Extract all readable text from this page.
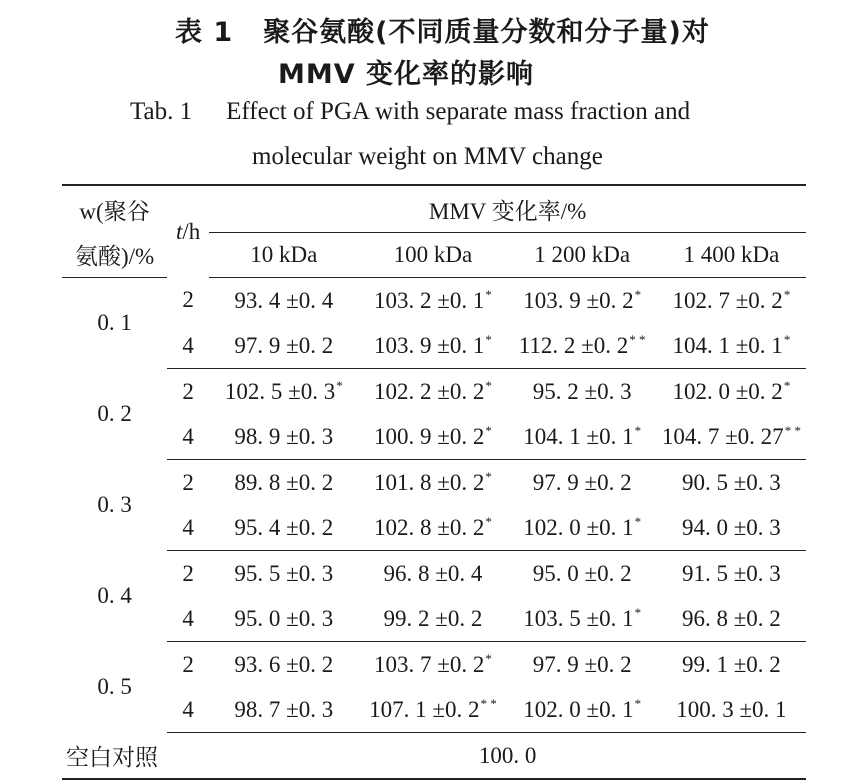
表 1 聚谷氨酸(不同质量分数和分子量)对
MMV 变化率的影响
Tab. 1 Effect of PGA with separate mass fraction and
molecular weight on MMV change
w(聚谷	t/h	MMV 变化率/%			
氨酸)/%		10 kDa	100 kDa	1 200 kDa	1 400 kDa
0. 1	2	93. 4 ±0. 4	103. 2 ±0. 1*	103. 9 ±0. 2*	102. 7 ±0. 2*
	4	97. 9 ±0. 2	103. 9 ±0. 1*	112. 2 ±0. 2* *	104. 1 ±0. 1*
0. 2	2	102. 5 ±0. 3*	102. 2 ±0. 2*	95. 2 ±0. 3	102. 0 ±0. 2*
	4	98. 9 ±0. 3	100. 9 ±0. 2*	104. 1 ±0. 1*	104. 7 ±0. 27* *
0. 3	2	89. 8 ±0. 2	101. 8 ±0. 2*	97. 9 ±0. 2	90. 5 ±0. 3
	4	95. 4 ±0. 2	102. 8 ±0. 2*	102. 0 ±0. 1*	94. 0 ±0. 3
0. 4	2	95. 5 ±0. 3	96. 8 ±0. 4	95. 0 ±0. 2	91. 5 ±0. 3
	4	95. 0 ±0. 3	99. 2 ±0. 2	103. 5 ±0. 1*	96. 8 ±0. 2
0. 5	2	93. 6 ±0. 2	103. 7 ±0. 2*	97. 9 ±0. 2	99. 1 ±0. 2
	4	98. 7 ±0. 3	107. 1 ±0. 2* *	102. 0 ±0. 1*	100. 3 ±0. 1
空白对照		100. 0			
